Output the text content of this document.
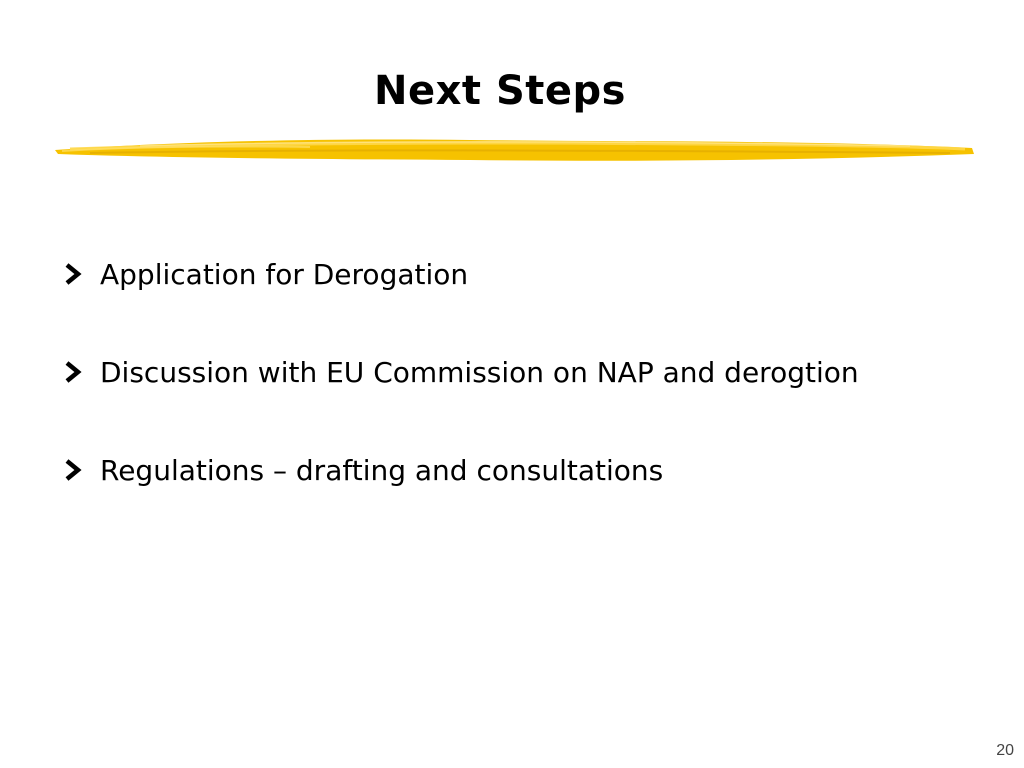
Next Steps
Application for Derogation
Discussion with EU Commission on NAP and derogtion
Regulations – drafting and consultations
20
